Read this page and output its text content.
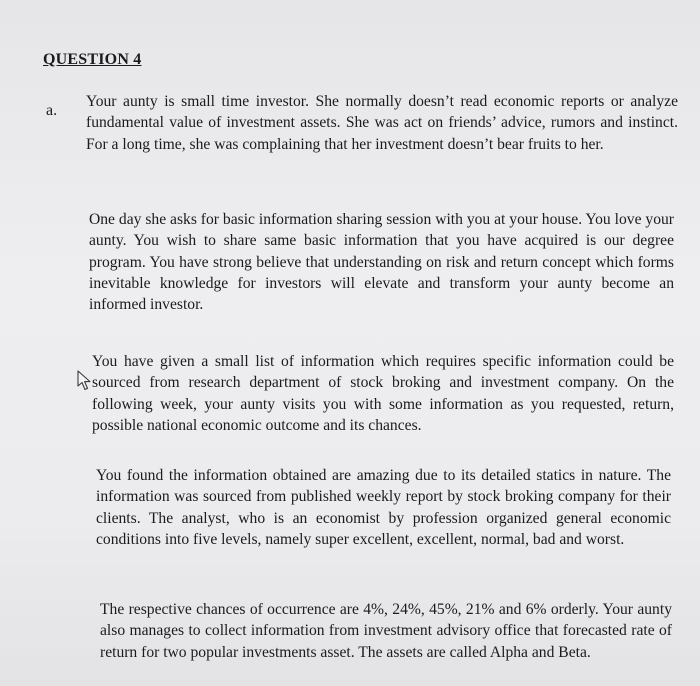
QUESTION 4
a.

Your aunty is small time investor. She normally doesn’t read economic reports or analyze fundamental value of investment assets. She was act on friends’ advice, rumors and instinct. For a long time, she was complaining that her investment doesn’t bear fruits to her.

One day she asks for basic information sharing session with you at your house. You love your aunty. You wish to share same basic information that you have acquired is our degree program. You have strong believe that understanding on risk and return concept which forms inevitable knowledge for investors will elevate and transform your aunty become an informed investor.

You have given a small list of information which requires specific information could be sourced from research department of stock broking and investment company. On the following week, your aunty visits you with some information as you requested, return, possible national economic outcome and its chances.

You found the information obtained are amazing due to its detailed statics in nature. The information was sourced from published weekly report by stock broking company for their clients. The analyst, who is an economist by profession organized general economic conditions into five levels, namely super excellent, excellent, normal, bad and worst.

The respective chances of occurrence are 4%, 24%, 45%, 21% and 6% orderly. Your aunty also manages to collect information from investment advisory office that forecasted rate of return for two popular investments asset. The assets are called Alpha and Beta.
